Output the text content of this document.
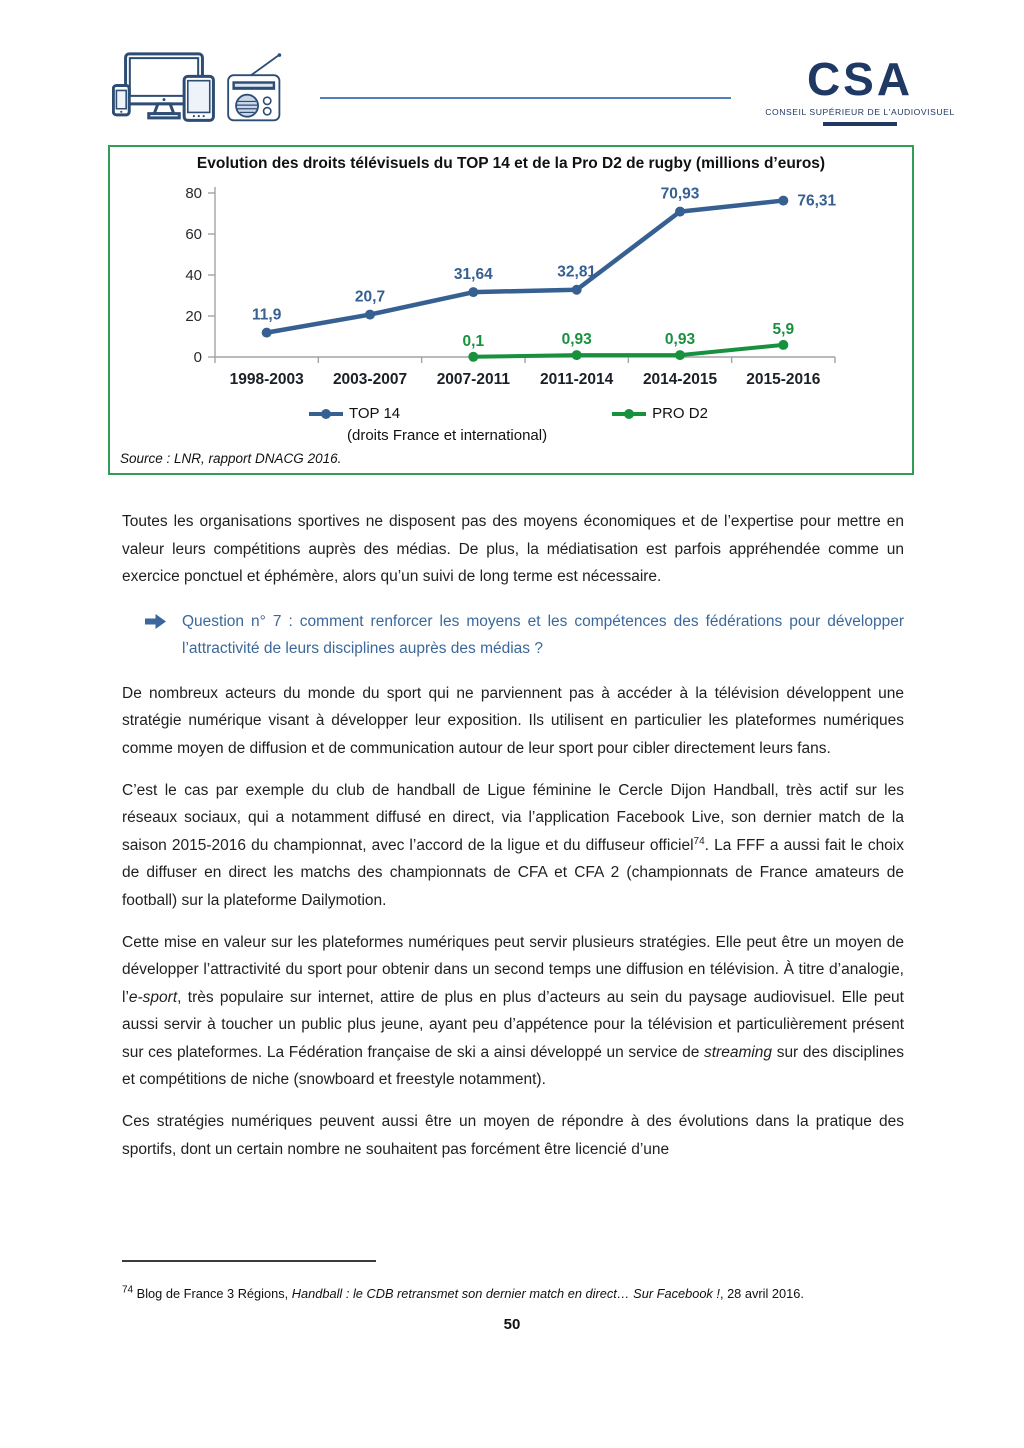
CSA
CONSEIL SUPÉRIEUR DE L'AUDIOVISUEL
Evolution des droits télévisuels du TOP 14 et de la Pro D2 de rugby (millions d’euros)
0
20
40
60
80
1998-2003 2003-2007 2007-2011 2011-2014 2014-2015 2015-2016
11,9
20,7
31,64	32,81
70,93	76,31
0,1	0,93	0,93
5,9
TOP 14
(droits France et international)
PRO D2
Source : LNR, rapport DNACG 2016.

Toutes les organisations sportives ne disposent pas des moyens économiques et de l’expertise pour mettre en valeur leurs compétitions auprès des médias. De plus, la médiatisation est parfois appréhendée comme un exercice ponctuel et éphémère, alors qu’un suivi de long terme est nécessaire.

Question n° 7 : comment renforcer les moyens et les compétences des fédérations pour développer l’attractivité de leurs disciplines auprès des médias ?

De nombreux acteurs du monde du sport qui ne parviennent pas à accéder à la télévision développent une stratégie numérique visant à développer leur exposition. Ils utilisent en particulier les plateformes numériques comme moyen de diffusion et de communication autour de leur sport pour cibler directement leurs fans.

C’est le cas par exemple du club de handball de Ligue féminine le Cercle Dijon Handball, très actif sur les réseaux sociaux, qui a notamment diffusé en direct, via l’application Facebook Live, son dernier match de la saison 2015-2016 du championnat, avec l’accord de la ligue et du diffuseur officiel$^{74}$. La FFF a aussi fait le choix de diffuser en direct les matchs des championnats de CFA et CFA 2 (championnats de France amateurs de football) sur la plateforme Dailymotion.

Cette mise en valeur sur les plateformes numériques peut servir plusieurs stratégies. Elle peut être un moyen de développer l’attractivité du sport pour obtenir dans un second temps une diffusion en télévision. À titre d’analogie, l’e-sport, très populaire sur internet, attire de plus en plus d’acteurs au sein du paysage audiovisuel. Elle peut aussi servir à toucher un public plus jeune, ayant peu d’appétence pour la télévision et particulièrement présent sur ces plateformes. La Fédération française de ski a ainsi développé un service de streaming sur des disciplines et compétitions de niche (snowboard et freestyle notamment).

Ces stratégies numériques peuvent aussi être un moyen de répondre à des évolutions dans la pratique des sportifs, dont un certain nombre ne souhaitent pas forcément être licencié d’une

$^{74}$ Blog de France 3 Régions, Handball : le CDB retransmet son dernier match en direct… Sur Facebook !, 28 avril 2016.
50
